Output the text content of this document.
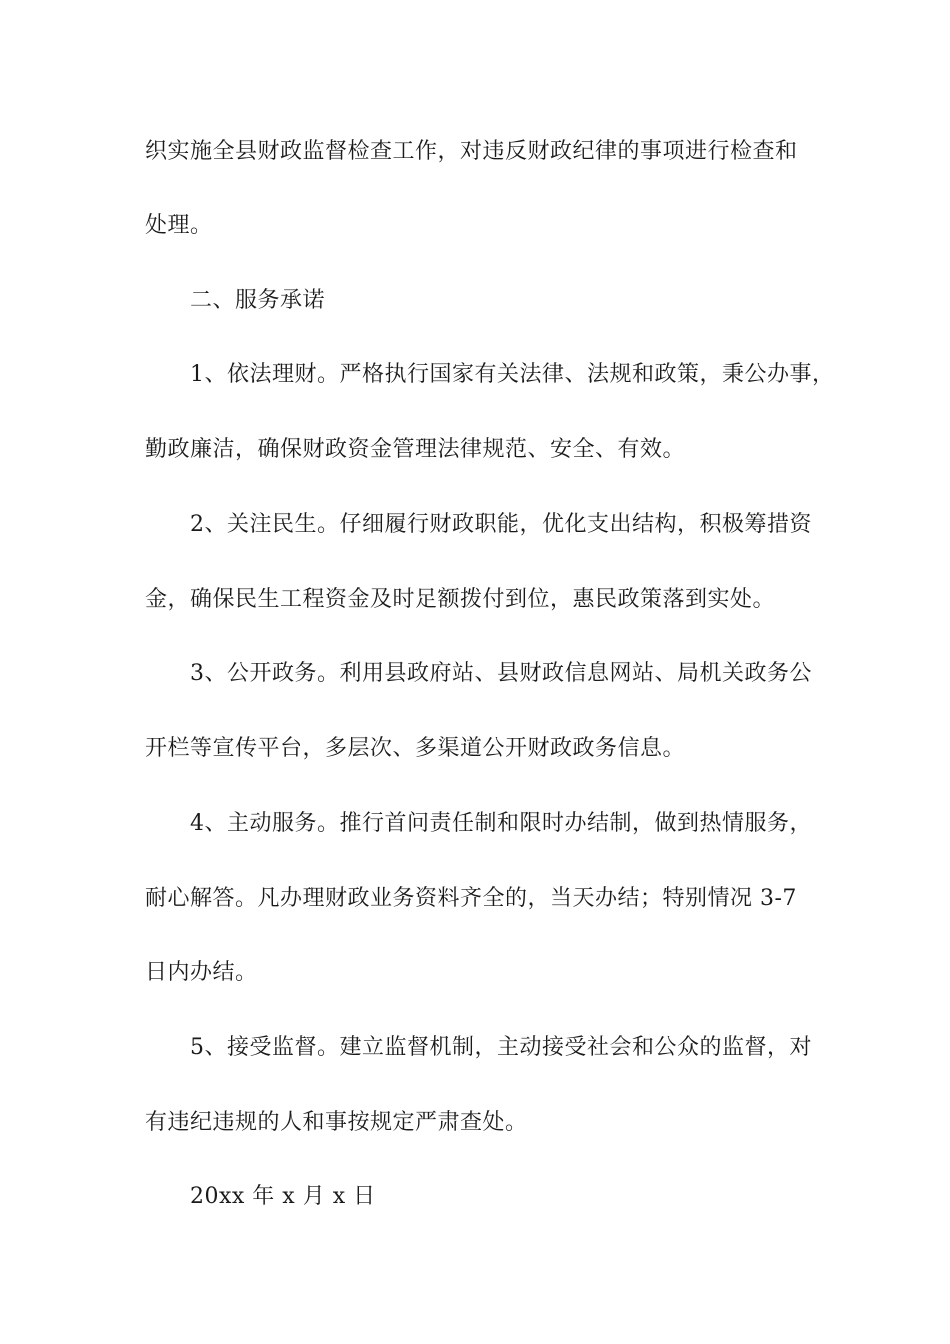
织实施全县财政监督检查工作，对违反财政纪律的事项进行检查和
处理。
二、服务承诺
1、依法理财。严格执行国家有关法律、法规和政策，秉公办事，
勤政廉洁，确保财政资金管理法律规范、安全、有效。
2、关注民生。仔细履行财政职能，优化支出结构，积极筹措资
金，确保民生工程资金及时足额拨付到位，惠民政策落到实处。
3、公开政务。利用县政府站、县财政信息网站、局机关政务公
开栏等宣传平台，多层次、多渠道公开财政政务信息。
4、主动服务。推行首问责任制和限时办结制，做到热情服务，
耐心解答。凡办理财政业务资料齐全的，当天办结；特别情况 3-7
日内办结。
5、接受监督。建立监督机制，主动接受社会和公众的监督，对
有违纪违规的人和事按规定严肃查处。
20xx 年 x 月 x 日
